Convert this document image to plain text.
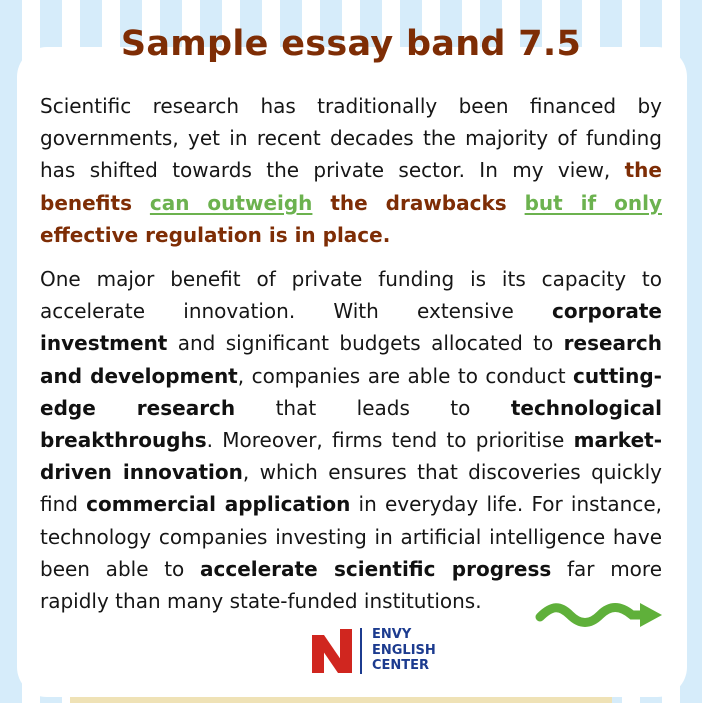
Sample essay band 7.5

Scientific research has traditionally been financed by governments, yet in recent decades the majority of funding has shifted towards the private sector. In my view, the benefits can outweigh the drawbacks but if only effective regulation is in place.

One major benefit of private funding is its capacity to accelerate innovation. With extensive corporate investment and significant budgets allocated to research and development, companies are able to conduct cutting-edge research that leads to technological breakthroughs. Moreover, firms tend to prioritise market-driven innovation, which ensures that discoveries quickly find commercial application in everyday life. For instance, technology companies investing in artificial intelligence have been able to accelerate scientific progress far more rapidly than many state-funded institutions.

ENVY
ENGLISH
CENTER
